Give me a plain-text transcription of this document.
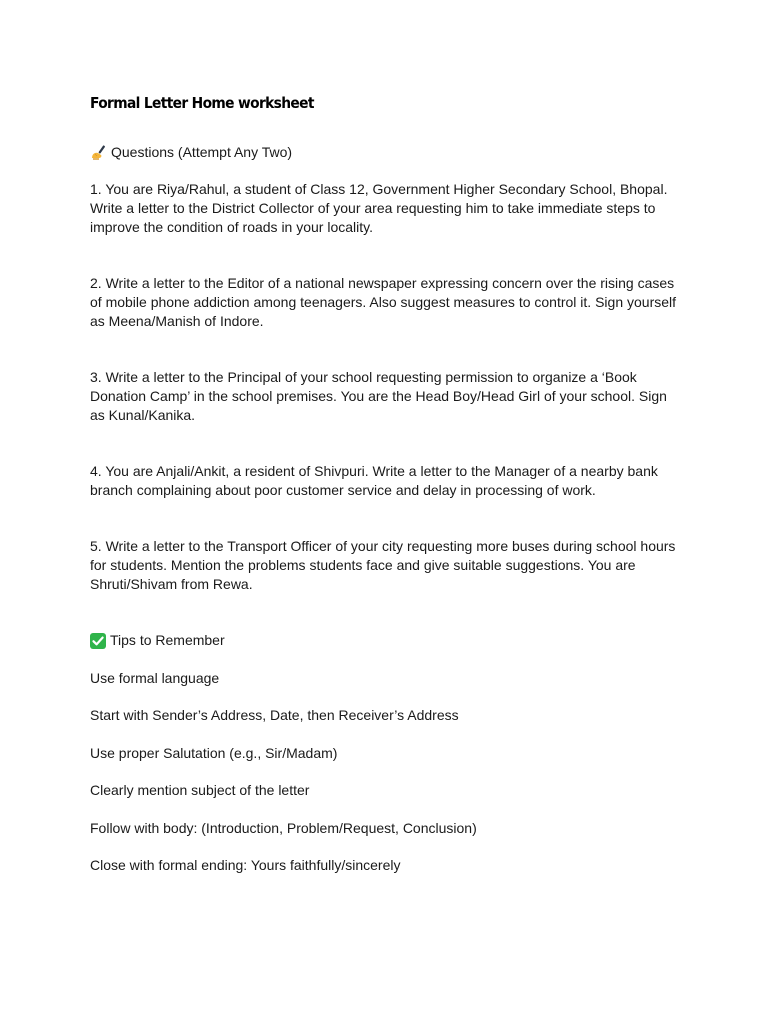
Formal Letter Home worksheet
Questions (Attempt Any Two)

1. You are Riya/Rahul, a student of Class 12, Government Higher Secondary School, Bhopal. Write a letter to the District Collector of your area requesting him to take immediate steps to improve the condition of roads in your locality.

2. Write a letter to the Editor of a national newspaper expressing concern over the rising cases of mobile phone addiction among teenagers. Also suggest measures to control it. Sign yourself as Meena/Manish of Indore.

3. Write a letter to the Principal of your school requesting permission to organize a ‘Book Donation Camp’ in the school premises. You are the Head Boy/Head Girl of your school. Sign as Kunal/Kanika.

4. You are Anjali/Ankit, a resident of Shivpuri. Write a letter to the Manager of a nearby bank branch complaining about poor customer service and delay in processing of work.

5. Write a letter to the Transport Officer of your city requesting more buses during school hours for students. Mention the problems students face and give suitable suggestions. You are Shruti/Shivam from Rewa.

Tips to Remember

Use formal language

Start with Sender’s Address, Date, then Receiver’s Address

Use proper Salutation (e.g., Sir/Madam)

Clearly mention subject of the letter

Follow with body: (Introduction, Problem/Request, Conclusion)

Close with formal ending: Yours faithfully/sincerely
